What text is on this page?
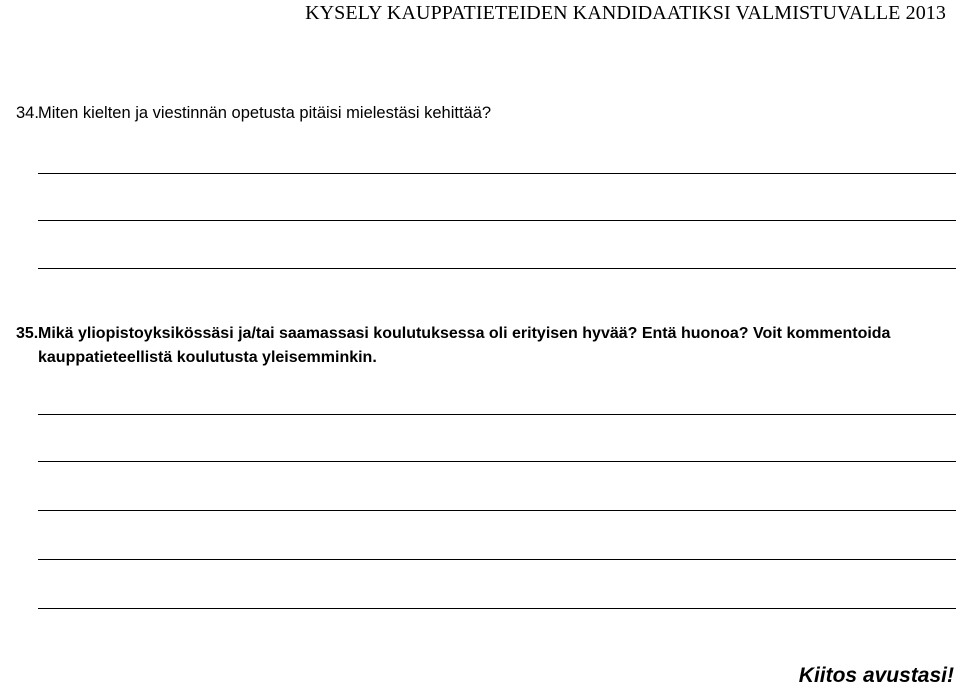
KYSELY KAUPPATIETEIDEN KANDIDAATIKSI VALMISTUVALLE 2013
34. Miten kielten ja viestinnän opetusta pitäisi mielestäsi kehittää?
35. Mikä yliopistoyksikössäsi ja/tai saamassasi koulutuksessa oli erityisen hyvää? Entä huonoa? Voit kommentoida kauppatieteellistä koulutusta yleisemminkin.
Kiitos avustasi!
